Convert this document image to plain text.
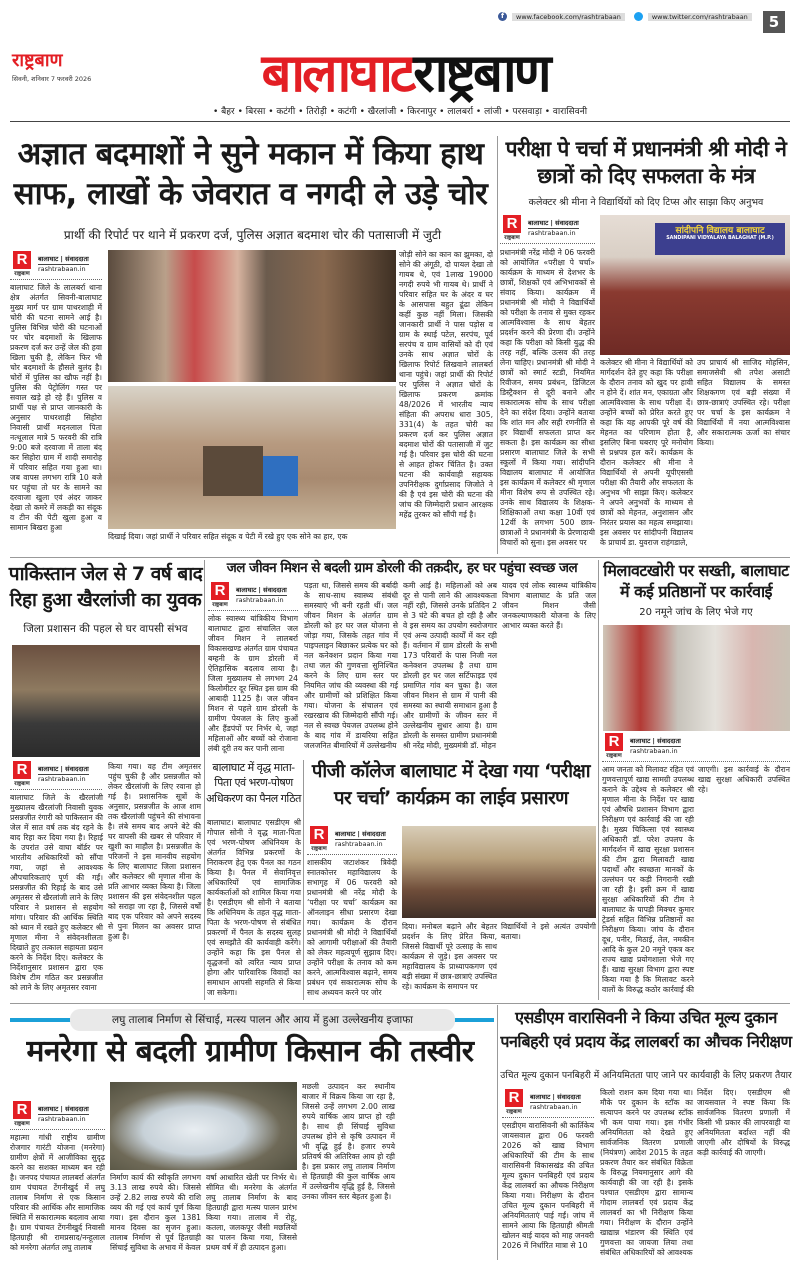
f	www.facebook.com/rashtrabaan	www.twitter.com/rashtrabaan	5
राष्ट्रबाण
सिवनी, शनिवार 7 फरवरी 2026	बालाघाट राष्ट्रबाण
• बैहर • बिरसा • कटंगी • तिरोड़ी • कटंगी • खैरलांजी • किरनापुर • लालबर्रा • लांजी • परसवाड़ा • वारासिवनी
अज्ञात बदमाशों ने सुने मकान में किया हाथ साफ, लाखों के जेवरात व नगदी ले उड़े चोर
प्रार्थी की रिपोर्ट पर थाने में प्रकरण दर्ज, पुलिस अज्ञात बदमाश चोर की पतासाजी में जुटी
R
राष्ट्रबाण
बालाघाट | संवाददाता
rashtrabaan.in
बालाघाट जिले के लालबर्रा थाना क्षेत्र अंतर्गत सिवनी-बालाघाट मुख्य मार्ग पर ग्राम पाथरशाही में चोरी की घटना सामने आई है। पुलिस विभिन्न चोरी की घटनाओं पर चोर बदमाशों के खिलाफ प्रकरण दर्ज कर उन्हें जेल की हवा खिला चुकी है, लेकिन फिर भी चोर बदमाशों के हौसले बुलंद है।चोरों में पुलिस का खौफ नहीं है। पुलिस की पेट्रोलिंग गस्त पर सवाल खड़े हो रहे हैं। पुलिस व प्रार्थी पक्ष से प्राप्त जानकारी के अनुसार पाथरशाही सिहोरा निवासी प्रार्थी मदनलाल पिता नत्थूलाल मात्रे 5 फरवरी की रात्रि 9:00 बजे दरवाजा में ताला बंद कर सिहोरा ग्राम में शादी समारोह में परिवार सहित गया हुआ था। जब वापस लगभग रात्रि 10 बजे घर पहुंचा तो घर के सामने का दरवाजा खुला एवं अंदर जाकर देखा तो कमरे में लकड़ी का संदूक व टीन की पेटी खुला हुआ व सामान बिखरा हुआ
दिखाई दिया। जहां प्रार्थी ने परिवार सहित संदूक व पेटी में रखे हुए एक सोने का हार, एक
जोड़ी सोने का कान का झुमका, दो सोने की अंगूठी, दो पायल देखा तो गायब थे, एवं 1लाख 19000 नगदी रुपये भी गायब थे। प्रार्थी ने परिवार सहित घर के अंदर व घर के आसपास बहुत ढूंढा लेकिन कहीं कुछ नहीं मिला। जिसकी जानकारी प्रार्थी ने पास पड़ोस व ग्राम के स्थाई पटेल, सरपंच, पूर्व सरपंच व ग्राम वासियों को दी एवं उनके साथ अज्ञात चोरों के खिलाफ रिपोर्ट लिखवाने लालबर्रा थाना पहुंचे। जहां प्रार्थी की रिपोर्ट पर पुलिस ने अज्ञात चोरों के खिलाफ प्रकरण क्रमांक 48/2026 में भारतीय न्याय संहिता की अपराध धारा 305, 331(4) के तहत चोरी का प्रकरण दर्ज कर पुलिस अज्ञात बदमाश चोरों की पतासाजी में जुट गई है। परिवार इस चोरी की घटना से आहत होकर चिंतित है। उक्त घटना की कार्यवाही सहायक उपनिरीक्षक दुर्गाप्रसाद जिजोते ने की है एवं इस चोरी की घटना की जांच की जिम्मेदारी प्रधान आरक्षक महेंद्र तुरकर को सौंपी गई है।
परीक्षा पे चर्चा में प्रधानमंत्री श्री मोदी ने छात्रों को दिए सफलता के मंत्र
कलेक्टर श्री मीना ने विद्यार्थियों को दिए टिप्स और साझा किए अनुभव
R
राष्ट्रबाण
बालाघाट | संवाददाता
rashtrabaan.in	सांदीपनि विद्यालय बालाघाट
SANDIPANI VIDYALAYA BALAGHAT (M.P.)
प्रधानमंत्री नरेंद्र मोदी ने 06 फरवरी को आयोजित «परीक्षा पे चर्चा» कार्यक्रम के माध्यम से देशभर के छात्रों, शिक्षकों एवं अभिभावकों से संवाद किया। कार्यक्रम में प्रधानमंत्री श्री मोदी ने विद्यार्थियों को परीक्षा के तनाव से मुक्त रहकर आत्मविश्वास के साथ बेहतर प्रदर्शन करने की प्रेरणा दी। उन्होंने कहा कि परीक्षा को किसी युद्ध की तरह नहीं, बल्कि उत्सव की तरह लेना चाहिए। प्रधानमंत्री श्री मोदी ने छात्रों को स्मार्ट स्टडी, नियमित रिवीजन, समय प्रबंधन, डिजिटल डिस्ट्रैक्शन से दूरी बनाने और सकारात्मक सोच के साथ परीक्षा देने का संदेश दिया। उन्होंने बताया कि शांत मन और सही रणनीति से हर विद्यार्थी सफलता प्राप्त कर सकता है। इस कार्यक्रम का सीधा प्रसारण बालाघाट जिले के सभी स्कूलों में किया गया। सांदीपनि विद्यालय बालाघाट में आयोजित इस कार्यक्रम में कलेक्टर श्री मृणाल मीना विशेष रूप से उपस्थित रहे। उनके साथ विद्यालय के शिक्षक-शिक्षिकाओं तथा कक्षा 10वीं एवं 12वीं के लगभग 500 छात्र-छात्राओं ने प्रधानमंत्री के प्रेरणादायी विचारों को सुना। इस अवसर पर
कलेक्टर श्री मीना ने विद्यार्थियों को मार्गदर्शन देते हुए कहा कि परीक्षा के दौरान तनाव को खुद पर हावी न होने दें। शांत मन, एकाग्रता और आत्मविश्वास के साथ परीक्षा दें। उन्होंने बच्चों को प्रेरित करते हुए कहा कि यह आपकी पूरे वर्ष की मेहनत का परिणाम होता है, इसलिए बिना घबराए पूरे मनोयोग से प्रश्नपत्र हल करें। कार्यक्रम के दौरान कलेक्टर श्री मीना ने विद्यार्थियों से अपनी यूपीएससी परीक्षा की तैयारी और सफलता के अनुभव भी साझा किए। कलेक्टर ने अपने अनुभवों के माध्यम से छात्रों को मेहनत, अनुशासन और निरंतर प्रयास का महत्व समझाया। इस अवसर पर सांदीपनी विद्यालय के प्राचार्य डा. युवराज राहंगडाले,
उप प्राचार्य श्री साजिद मोहसिन, समाजसेवी श्री तपेश असाटी सहित विद्यालय के समस्त शिक्षकगण एवं बड़ी संख्या में छात्र-छात्राएं उपस्थित रहे। परीक्षा पर चर्चा के इस कार्यक्रम ने विद्यार्थियों में नया आत्मविश्वास और सकारात्मक ऊर्जा का संचार किया।
पाकिस्तान जेल से 7 वर्ष बाद रिहा हुआ खैरलांजी का युवक
जिला प्रशासन की पहल से घर वापसी संभव
R
राष्ट्रबाण
बालाघाट | संवाददाता
rashtrabaan.in
बालाघाट जिले के खैरलांजी मुख्यालय खैरलांजी निवासी युवक प्रसन्नजीत रंगारी को पाकिस्तान की जेल में सात वर्ष तक बंद रहने के बाद रिहा कर दिया गया है। रिहाई के उपरांत उसे वाघा बॉर्डर पर भारतीय अधिकारियों को सौंपा गया, जहां से आवश्यक औपचारिकताएं पूर्ण की गईं। प्रसन्नजीत की रिहाई के बाद उसे अमृतसर से खैरलांजी लाने के लिए परिवार ने प्रशासन से सहयोग मांगा। परिवार की आर्थिक स्थिति को ध्यान में रखते हुए कलेक्टर श्री मृणाल मीना ने संवेदनशीलता दिखाते हुए तत्काल सहायता प्रदान करने के निर्देश दिए। कलेक्टर के निर्देशानुसार प्रशासन द्वारा एक विशेष टीम गठित कर प्रसन्नजीत को लाने के लिए अमृतसर रवाना
किया गया। वह टीम अमृतसर पहुंच चुकी है और प्रसन्नजीत को लेकर खैरलांजी के लिए रवाना हो गई है। प्रशासनिक सूत्रों के अनुसार, प्रसन्नजीत के आज शाम तक खैरलांजी पहुंचने की संभावना है। लंबे समय बाद अपने बेटे की घर वापसी की खबर से परिवार में खुशी का माहौल है। प्रसन्नजीत के परिजनों ने इस मानवीय सहयोग के लिए बालाघाट जिला प्रशासन और कलेक्टर श्री मृणाल मीना के प्रति आभार व्यक्त किया है। जिला प्रशासन की इस संवेदनशील पहल को सराहा जा रहा है, जिससे वर्षों बाद एक परिवार को अपने सदस्य से पुनः मिलन का अवसर प्राप्त हुआ है।
जल जीवन मिशन से बदली ग्राम डोरली की तक़दीर, हर घर पहुंचा स्वच्छ जल
R
राष्ट्रबाण
बालाघाट | संवाददाता
rashtrabaan.in
लोक स्वास्थ्य यांत्रिकीय विभाग बालाघाट द्वारा संचालित जल जीवन मिशन ने लालबर्रा विकासखण्ड अंतर्गत ग्राम पंचायत बम्हनी के ग्राम डोरली में ऐतिहासिक बदलाव लाया है। जिला मुख्यालय से लगभग 24 किलोमीटर दूर स्थित इस ग्राम की आबादी 1125 है। जल जीवन मिशन से पहले ग्राम डोरली के ग्रामीण पेयजल के लिए कुओं और हैंडपंपों पर निर्भर थे, जहां महिलाओं और बच्चों को रोजाना लंबी दूरी तय कर पानी लाना
पड़ता था, जिससे समय की बर्बादी के साथ-साथ स्वास्थ्य संबंधी समस्याएं भी बनी रहती थीं। जल जीवन मिशन के अंतर्गत ग्राम डोरली को हर घर जल योजना से जोड़ा गया, जिसके तहत गांव में पाइपलाइन बिछाकर प्रत्येक घर को नल कनेक्शन प्रदान किया गया तथा जल की गुणवत्ता सुनिश्चित करने के लिए ग्राम स्तर पर नियमित जांच की व्यवस्था की गई और ग्रामीणों को प्रशिक्षित किया गया। योजना के संचालन एवं रखरखाव की जिम्मेदारी सौंपी गई। नल से स्वच्छ पेयजल उपलब्ध होने के बाद गांव में डायरिया सहित जलजनित बीमारियों में उल्लेखनीय
कमी आई है। महिलाओं को अब दूर से पानी लाने की आवश्यकता नहीं रही, जिससे उनके प्रतिदिन 2 से 3 घंटे की बचत हो रही है और वे इस समय का उपयोग स्वरोजगार एवं अन्य उत्पादी कार्यों में कर रही हैं। वर्तमान में ग्राम डोरली के सभी 173 परिवारों के पास निजी नल कनेक्शन उपलब्ध है तथा ग्राम डोरली हर घर जल सर्टिफाइड एवं प्रमाणित गांव बन चुका है। जल जीवन मिशन से ग्राम में पानी की समस्या का स्थायी समाधान हुआ है और ग्रामीणों के जीवन स्तर में उल्लेखनीय सुधार आया है। ग्राम डोरली के समस्त ग्रामीण प्रधानमंत्री श्री नरेंद्र मोदी, मुख्यमंत्री डॉ. मोहन
यादव एवं लोक स्वास्थ्य यांत्रिकीय विभाग बालाघाट के प्रति जल जीवन मिशन जैसी जनकल्याणकारी योजना के लिए आभार व्यक्त करते हैं।
बालाघाट में वृद्ध माता-पिता एवं भरण-पोषण अधिकरण का पैनल गठित
बालाघाट। बालाघाट एसडीएम श्री गोपाल सोनी ने वृद्ध माता-पिता एवं भरण-पोषण अधिनियम के अंतर्गत विभिन्न प्रकरणों के निराकरण हेतु एक पैनल का गठन किया है। पैनल में सेवानिवृत्त अधिकारियों एवं सामाजिक कार्यकर्ताओं को शामिल किया गया है। एसडीएम श्री सोनी ने बताया कि अधिनियम के तहत वृद्ध माता-पिता के भरण-पोषण से संबंधित प्रकरणों में पैनल के सदस्य सुलह एवं समझौते की कार्यवाही करेंगे। उन्होंने कहा कि इस पैनल से वृद्धजनों को त्वरित न्याय प्राप्त होगा और पारिवारिक विवादों का समाधान आपसी सहमति से किया जा सकेगा।
पीजी कॉलेज बालाघाट में देखा गया ‘परीक्षा पर चर्चा’ कार्यक्रम का लाईव प्रसारण
R
राष्ट्रबाण
बालाघाट | संवाददाता
rashtrabaan.in
शासकीय जटाशंकर त्रिवेदी स्नातकोत्तर महाविद्यालय के सभागृह में 06 फरवरी को प्रधानमंत्री श्री नरेंद्र मोदी के ‘परीक्षा पर चर्चा’ कार्यक्रम का ऑनलाइन सीधा प्रसारण देखा गया। कार्यक्रम के दौरान प्रधानमंत्री श्री मोदी ने विद्यार्थियों को आगामी परीक्षाओं की तैयारी को लेकर महत्वपूर्ण सुझाव दिए। उन्होंने परीक्षा के तनाव को कम करने, आत्मविश्वास बढ़ाने, समय प्रबंधन एवं सकारात्मक सोच के साथ अध्ययन करने पर जोर
दिया। मनोबल बढ़ाने और बेहतर प्रदर्शन के लिए प्रेरित किया, जिससे विद्यार्थी पूरे उत्साह के साथ कार्यक्रम से जुड़े। इस अवसर पर महाविद्यालय के प्राध्यापकगण एवं बड़ी संख्या में छात्र-छात्राएं उपस्थित रहे। कार्यक्रम के समापन पर
विद्यार्थियों ने इसे अत्यंत उपयोगी बताया।
मिलावटखोरी पर सख्ती, बालाघाट में कई प्रतिष्ठानों पर कार्रवाई
20 नमूने जांच के लिए भेजे गए
R
राष्ट्रबाण
बालाघाट | संवाददाता
rashtrabaan.in
आम जनता को मिलावट रहित एवं गुणवत्तापूर्ण खाद्य सामग्री उपलब्ध कराने के उद्देश्य से कलेक्टर श्री मृणाल मीना के निर्देश पर खाद्य एवं औषधि प्रशासन विभाग द्वारा निरीक्षण एवं कार्रवाई की जा रही है। मुख्य चिकित्सा एवं स्वास्थ्य अधिकारी डॉ. परेश उपलप के मार्गदर्शन में खाद्य सुरक्षा प्रशासन की टीम द्वारा मिलावटी खाद्य पदार्थों और स्वच्छता मानकों के उल्लंघन पर कड़ी निगरानी रखी जा रही है। इसी क्रम में खाद्य सुरक्षा अधिकारियों की टीम ने बालाघाट के पापड़ी मिक्चर कुमार ट्रेडर्स सहित विभिन्न प्रतिष्ठानों का निरीक्षण किया। जांच के दौरान दूध, पनीर, मिठाई, तेल, नमकीन आदि के कुल 20 नमूने एकत्र कर राज्य खाद्य प्रयोगशाला भेजे गए हैं। खाद्य सुरक्षा विभाग द्वारा स्पष्ट किया गया है कि मिलावट करने वालों के विरुद्ध कठोर कार्रवाई की
जाएगी। इस कार्रवाई के दौरान खाद्य सुरक्षा अधिकारी उपस्थित रहे।
लघु तालाब निर्माण से सिंचाई, मत्स्य पालन और आय में हुआ उल्लेखनीय इजाफा
मनरेगा से बदली ग्रामीण किसान की तस्वीर
R
राष्ट्रबाण
बालाघाट | संवाददाता
rashtrabaan.in
महात्मा गांधी राष्ट्रीय ग्रामीण रोजगार गारंटी योजना (मनरेगा) ग्रामीण क्षेत्रों में आजीविका सुदृढ़ करने का सशक्त माध्यम बन रही है। जनपद पंचायत लालबर्रा अंतर्गत ग्राम पंचायत टेंगनीखुर्द में लघु तालाब निर्माण से एक किसान परिवार की आर्थिक और सामाजिक स्थिति में सकारात्मक बदलाव आया है। ग्राम पंचायत टेंगनीखुर्द निवासी हितग्राही श्री रामप्रसाद/नन्हूलाल को मनरेगा अंतर्गत लघु तालाब
निर्माण कार्य की स्वीकृति लगभग 3.13 लाख रुपये की। जिससे उन्हें 2.82 लाख रुपये की राशि व्यय की गई एवं कार्य पूर्ण किया गया। इस दौरान कुल 1381 मानव दिवस का सृजन हुआ। तालाब निर्माण से पूर्व हितग्राही सिंचाई सुविधा के अभाव में केवल
वर्षा आधारित खेती पर निर्भर थे। सीमित थी। मनरेगा के अंतर्गत लघु तालाब निर्माण के बाद हितग्राही द्वारा मत्स्य पालन प्रारंभ किया गया। तालाब में रोहू, कतला, जलकपूर जैसी मछलियों का पालन किया गया, जिससे प्रथम वर्ष में ही उत्पादन हुआ।
मछली उत्पादन कर स्थानीय बाजार में विक्रय किया जा रहा है, जिससे उन्हें लगभग 2.00 लाख रुपये वार्षिक आय प्राप्त हो रही है। साथ ही सिंचाई सुविधा उपलब्ध होने से कृषि उत्पादन में भी वृद्धि हुई है। हजार रुपये प्रतिवर्ष की अतिरिक्त आय हो रही है। इस प्रकार लघु तालाब निर्माण से हितग्राही की कुल वार्षिक आय में उल्लेखनीय वृद्धि हुई है, जिससे उनका जीवन स्तर बेहतर हुआ है।
एसडीएम वारासिवनी ने किया उचित मूल्य दुकान पनबिहरी एवं प्रदाय केंद्र लालबर्रा का औचक निरीक्षण
उचित मूल्य दुकान पनबिहरी में अनियमितता पाए जाने पर कार्यवाही के लिए प्रकरण तैयार
R
राष्ट्रबाण
बालाघाट | संवाददाता
rashtrabaan.in
एसडीएम वारासिवनी श्री कार्तिकेय जायसवाल द्वारा 06 फरवरी 2026 को खाद्य विभाग अधिकारियों की टीम के साथ वारासिवनी विकासखंड की उचित मूल्य दुकान पनबिहरी एवं प्रदाय केंद्र लालबर्रा का औचक निरीक्षण किया गया। निरीक्षण के दौरान उचित मूल्य दुकान पनबिहरी में अनियमितताएं पाई गईं। जांच में सामने आया कि हितग्राही श्रीमती खोलन बाई यादव को माह जनवरी 2026 में निर्धारित मात्रा से 10
किलो राशन कम दिया गया था। मौके पर दुकान के स्टॉक का सत्यापन करने पर उपलब्ध स्टॉक भी कम पाया गया। इस गंभीर अनियमितता को देखते हुए सार्वजनिक वितरण प्रणाली (नियंत्रण) आदेश 2015 के तहत प्रकरण तैयार कर संबंधित विक्रेता के विरुद्ध नियमानुसार आगे की कार्यवाही की जा रही है। इसके पश्चात एसडीएम द्वारा सामान्य गोदाम लालबर्रा एवं प्रदाय केंद्र लालबर्रा का भी निरीक्षण किया गया। निरीक्षण के दौरान उन्होंने खाद्यान्न भंडारण की स्थिति एवं गुणवत्ता का जायजा लिया तथा संबंधित अधिकारियों को आवश्यक
निर्देश दिए। एसडीएम श्री जायसवाल ने स्पष्ट किया कि सार्वजनिक वितरण प्रणाली में किसी भी प्रकार की लापरवाही या अनियमितता बर्दाश्त नहीं की जाएगी और दोषियों के विरुद्ध कड़ी कार्रवाई की जाएगी।
